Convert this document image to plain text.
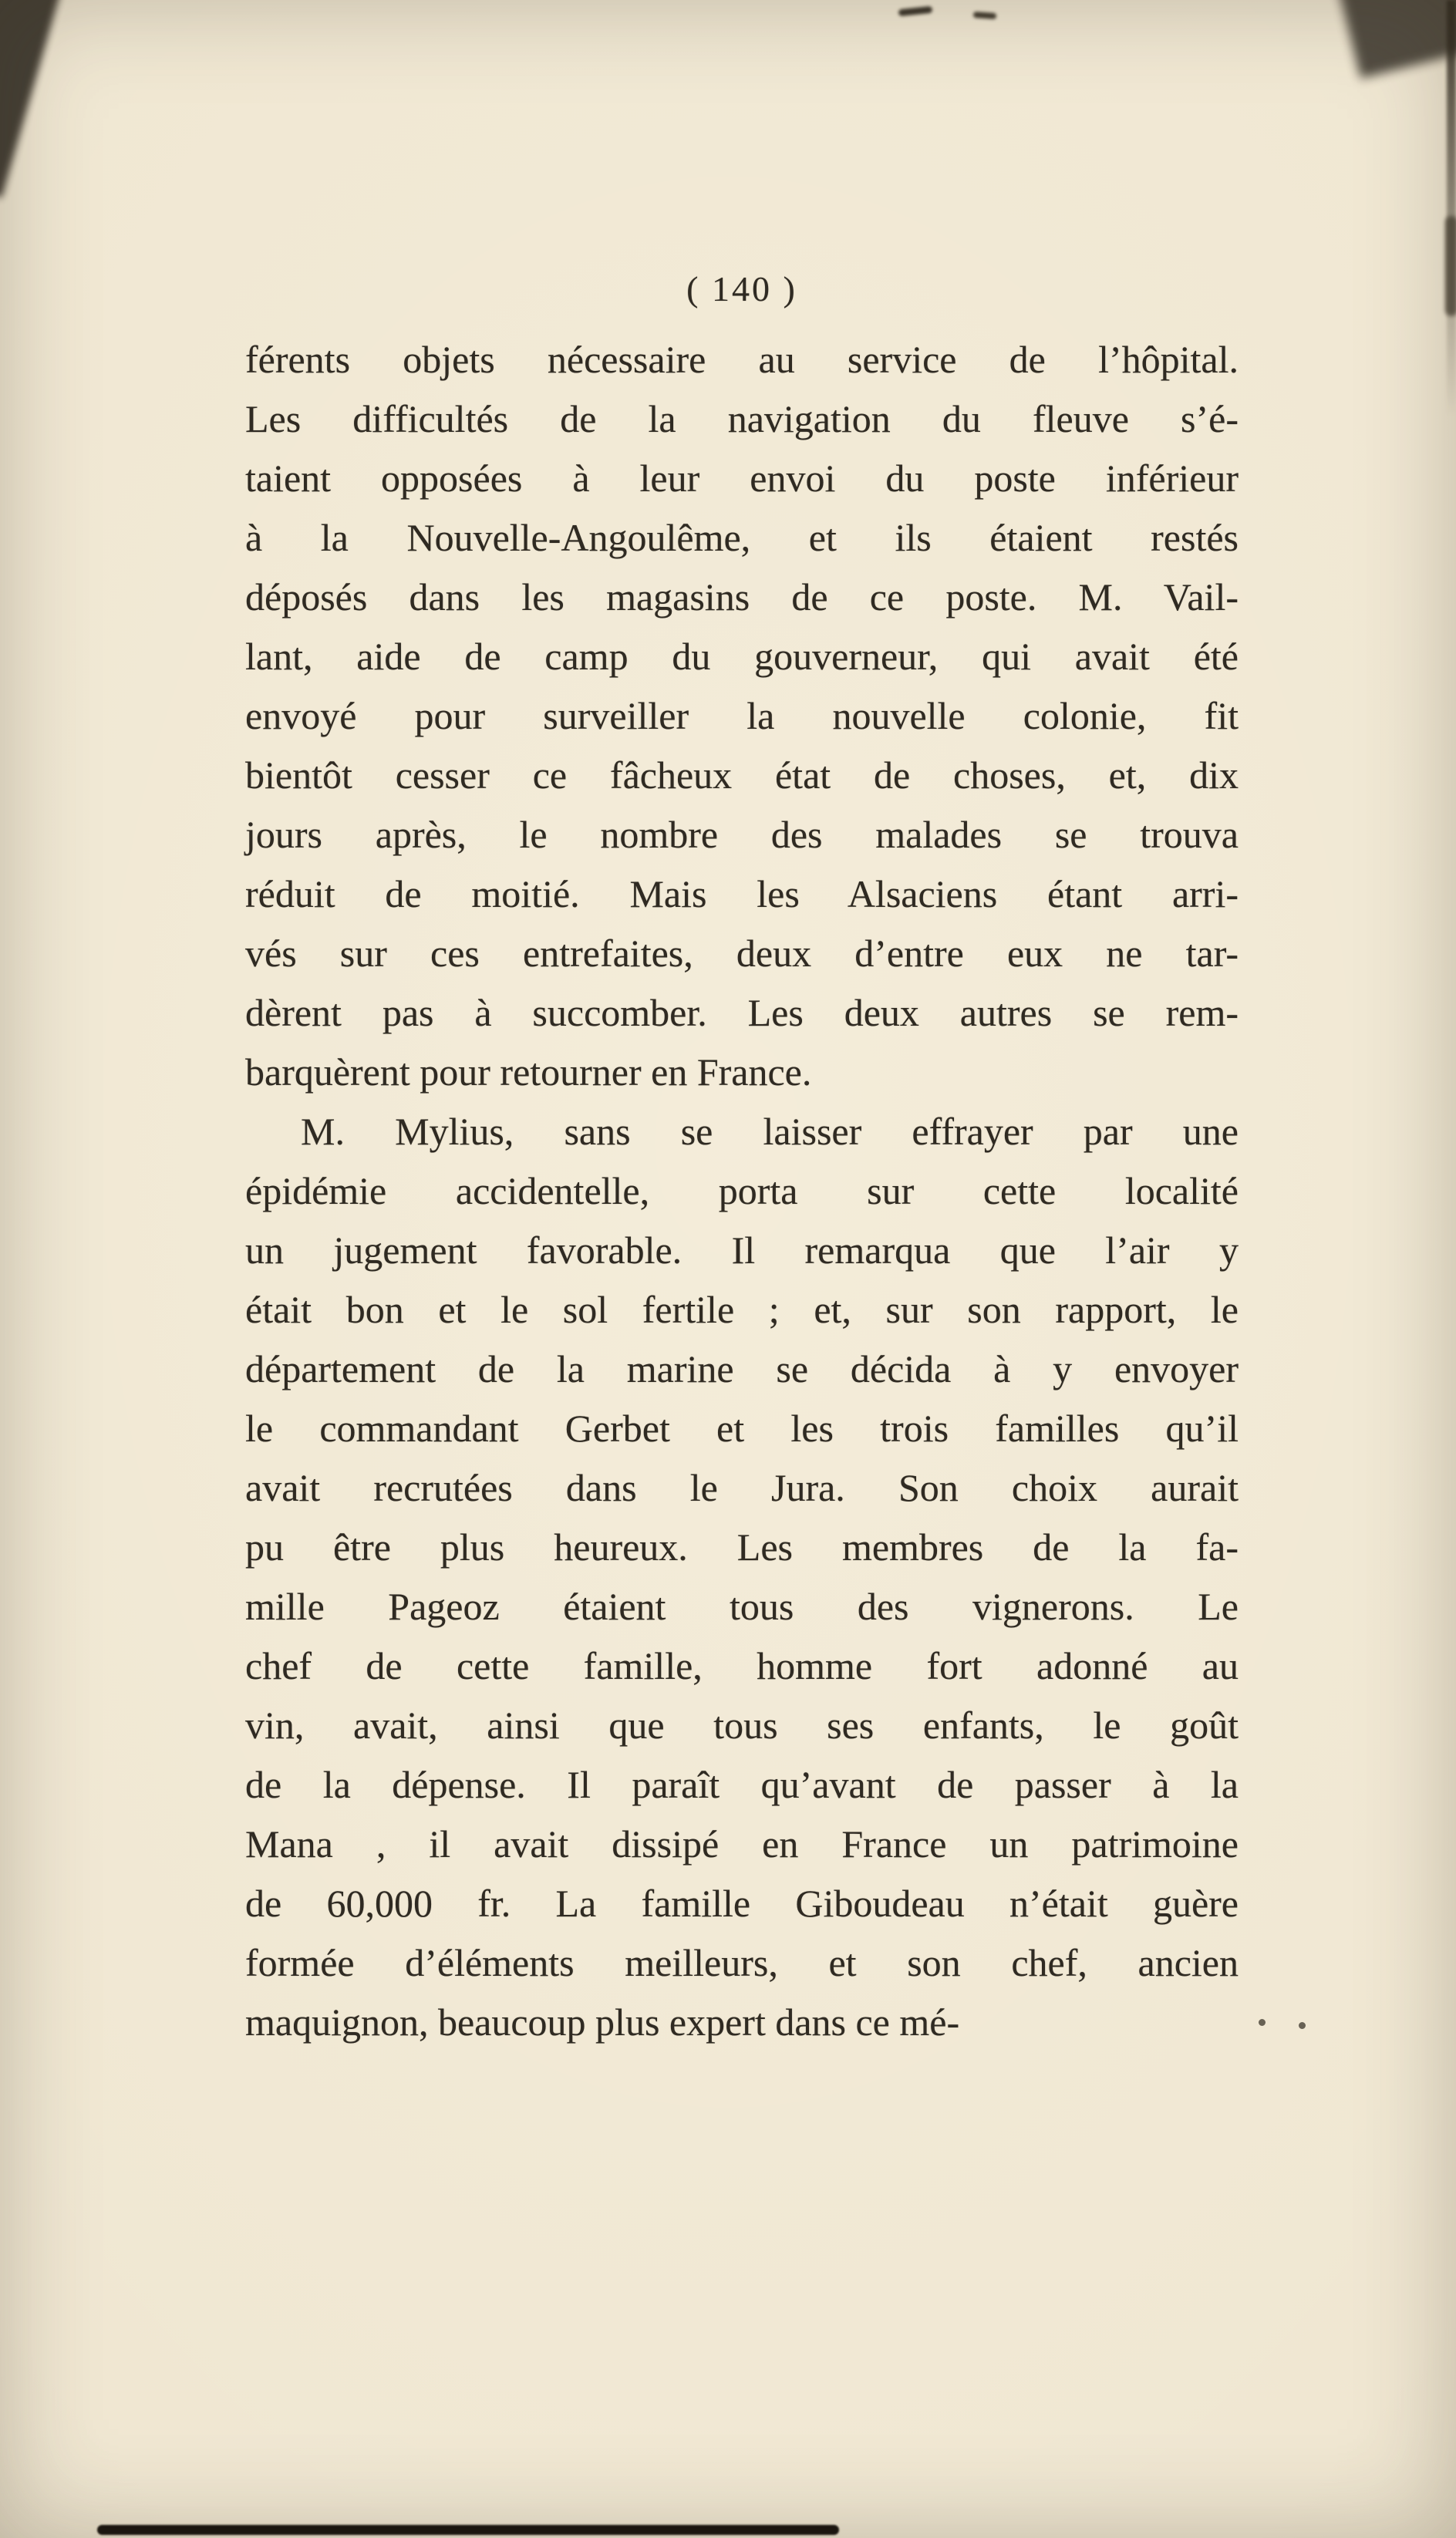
( 140 )
férents objets nécessaire au service de l’hôpital.
Les difficultés de la navigation du fleuve s’é-
taient opposées à leur envoi du poste inférieur
à la Nouvelle-Angoulême, et ils étaient restés
déposés dans les magasins de ce poste. M. Vail-
lant, aide de camp du gouverneur, qui avait été
envoyé pour surveiller la nouvelle colonie, fit
bientôt cesser ce fâcheux état de choses, et, dix
jours après, le nombre des malades se trouva
réduit de moitié. Mais les Alsaciens étant arri-
vés sur ces entrefaites, deux d’entre eux ne tar-
dèrent pas à succomber. Les deux autres se rem-
barquèrent pour retourner en France.
M. Mylius, sans se laisser effrayer par une
épidémie accidentelle, porta sur cette localité
un jugement favorable. Il remarqua que l’air y
était bon et le sol fertile ; et, sur son rapport, le
département de la marine se décida à y envoyer
le commandant Gerbet et les trois familles qu’il
avait recrutées dans le Jura. Son choix aurait
pu être plus heureux. Les membres de la fa-
mille Pageoz étaient tous des vignerons. Le
chef de cette famille, homme fort adonné au
vin, avait, ainsi que tous ses enfants, le goût
de la dépense. Il paraît qu’avant de passer à la
Mana , il avait dissipé en France un patrimoine
de 60,000 fr. La famille Giboudeau n’était guère
formée d’éléments meilleurs, et son chef, ancien
maquignon, beaucoup plus expert dans ce mé-
